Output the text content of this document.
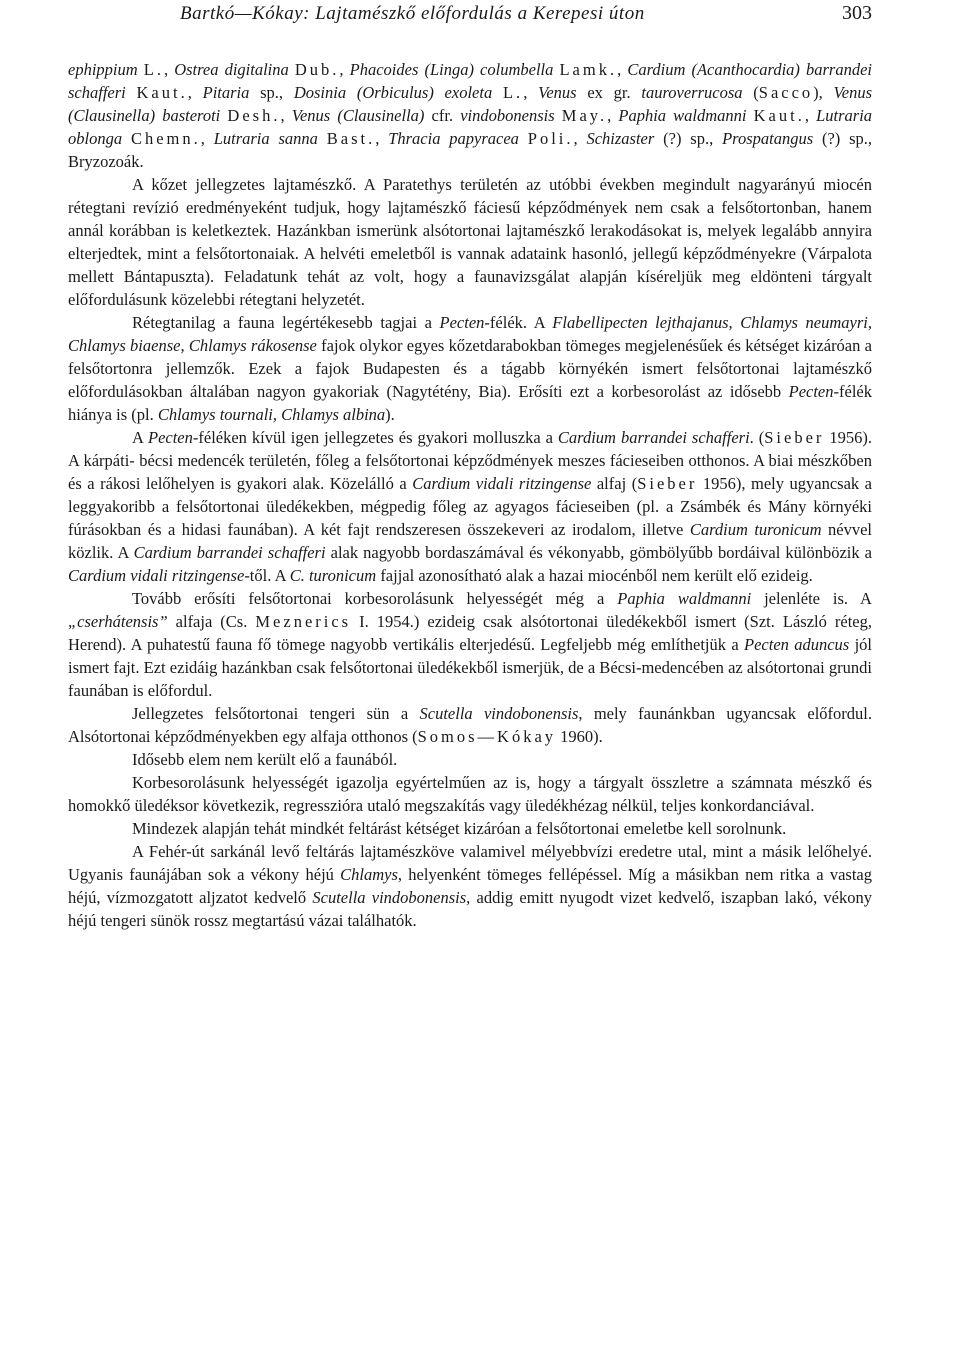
Bartkó—Kókay: Lajtamészkő előfordulás a Kerepesi úton	303

ephippium L., Ostrea digitalina Dub., Phacoides (Linga) columbella Lamk., Cardium (Acanthocardia) barrandei schafferi Kaut., Pitaria sp., Dosinia (Orbiculus) exoleta L., Venus ex gr. tauroverrucosa (Sacco), Venus (Clausinella) basteroti Desh., Venus (Clausinella) cfr. vindobonensis May., Paphia waldmanni Kaut., Lutraria oblonga Chemn., Lutraria sanna Bast., Thracia papyracea Poli., Schizaster (?) sp., Prospatangus (?) sp., Bryzozoák.

A kőzet jellegzetes lajtamészkő. A Paratethys területén az utóbbi években megindult nagyarányú miocén rétegtani revízió eredményeként tudjuk, hogy lajtamészkő fáciesű képződmények nem csak a felsőtortonban, hanem annál korábban is keletkeztek. Hazánkban ismerünk alsótortonai lajtamészkő lerakodásokat is, melyek legalább annyira elterjedtek, mint a felsőtortonaiak. A helvéti emeletből is vannak adataink hasonló, jellegű képződményekre (Várpalota mellett Bántapuszta). Feladatunk tehát az volt, hogy a faunavizsgálat alapján kíséreljük meg eldönteni tárgyalt előfordulásunk közelebbi rétegtani helyzetét.

Rétegtanilag a fauna legértékesebb tagjai a Pecten-félék. A Flabellipecten lejthajanus, Chlamys neumayri, Chlamys biaense, Chlamys rákosense fajok olykor egyes kőzetdarabokban tömeges megjelenésűek és kétséget kizáróan a felsőtortonra jellemzők. Ezek a fajok Budapesten és a tágabb környékén ismert felsőtortonai lajtamészkő előfordulásokban általában nagyon gyakoriak (Nagytétény, Bia). Erősíti ezt a korbesorolást az idősebb Pecten-félék hiánya is (pl. Chlamys tournali, Chlamys albina).

A Pecten-féléken kívül igen jellegzetes és gyakori molluszka a Cardium barrandei schafferi. (Sieber 1956). A kárpáti- bécsi medencék területén, főleg a felsőtortonai képződmények meszes fácieseiben otthonos. A biai mészkőben és a rákosi lelőhelyen is gyakori alak. Közelálló a Cardium vidali ritzingense alfaj (Sieber 1956), mely ugyancsak a leggyakoribb a felsőtortonai üledékekben, mégpedig főleg az agyagos fácieseiben (pl. a Zsámbék és Mány környéki fúrásokban és a hidasi faunában). A két fajt rendszeresen összekeveri az irodalom, illetve Cardium turonicum névvel közlik. A Cardium barrandei schafferi alak nagyobb bordaszámával és vékonyabb, gömbölyűbb bordáival különbözik a Cardium vidali ritzingense-től. A C. turonicum fajjal azonosítható alak a hazai miocénből nem került elő ezideig.

Tovább erősíti felsőtortonai korbesorolásunk helyességét még a Paphia waldmanni jelenléte is. A „cserhátensis” alfaja (Cs. Meznerics I. 1954.) ezideig csak alsótortonai üledékekből ismert (Szt. László réteg, Herend). A puhatestű fauna fő tömege nagyobb vertikális elterjedésű. Legfeljebb még említhetjük a Pecten aduncus jól ismert fajt. Ezt ezidáig hazánkban csak felsőtortonai üledékekből ismerjük, de a Bécsi-medencében az alsótortonai grundi faunában is előfordul.

Jellegzetes felsőtortonai tengeri sün a Scutella vindobonensis, mely faunánkban ugyancsak előfordul. Alsótortonai képződményekben egy alfaja otthonos (Somos—Kókay 1960).

Idősebb elem nem került elő a faunából.

Korbesorolásunk helyességét igazolja egyértelműen az is, hogy a tárgyalt összletre a számnata mészkő és homokkő üledéksor következik, regresszióra utaló megszakítás vagy üledékhézag nélkül, teljes konkordanciával.

Mindezek alapján tehát mindkét feltárást kétséget kizáróan a felsőtortonai emeletbe kell sorolnunk.

A Fehér-út sarkánál levő feltárás lajtamészköve valamivel mélyebbvízi eredetre utal, mint a másik lelőhelyé. Ugyanis faunájában sok a vékony héjú Chlamys, helyenként tömeges fellépéssel. Míg a másikban nem ritka a vastag héjú, vízmozgatott aljzatot kedvelő Scutella vindobonensis, addig emitt nyugodt vizet kedvelő, iszapban lakó, vékony héjú tengeri sünök rossz megtartású vázai találhatók.
